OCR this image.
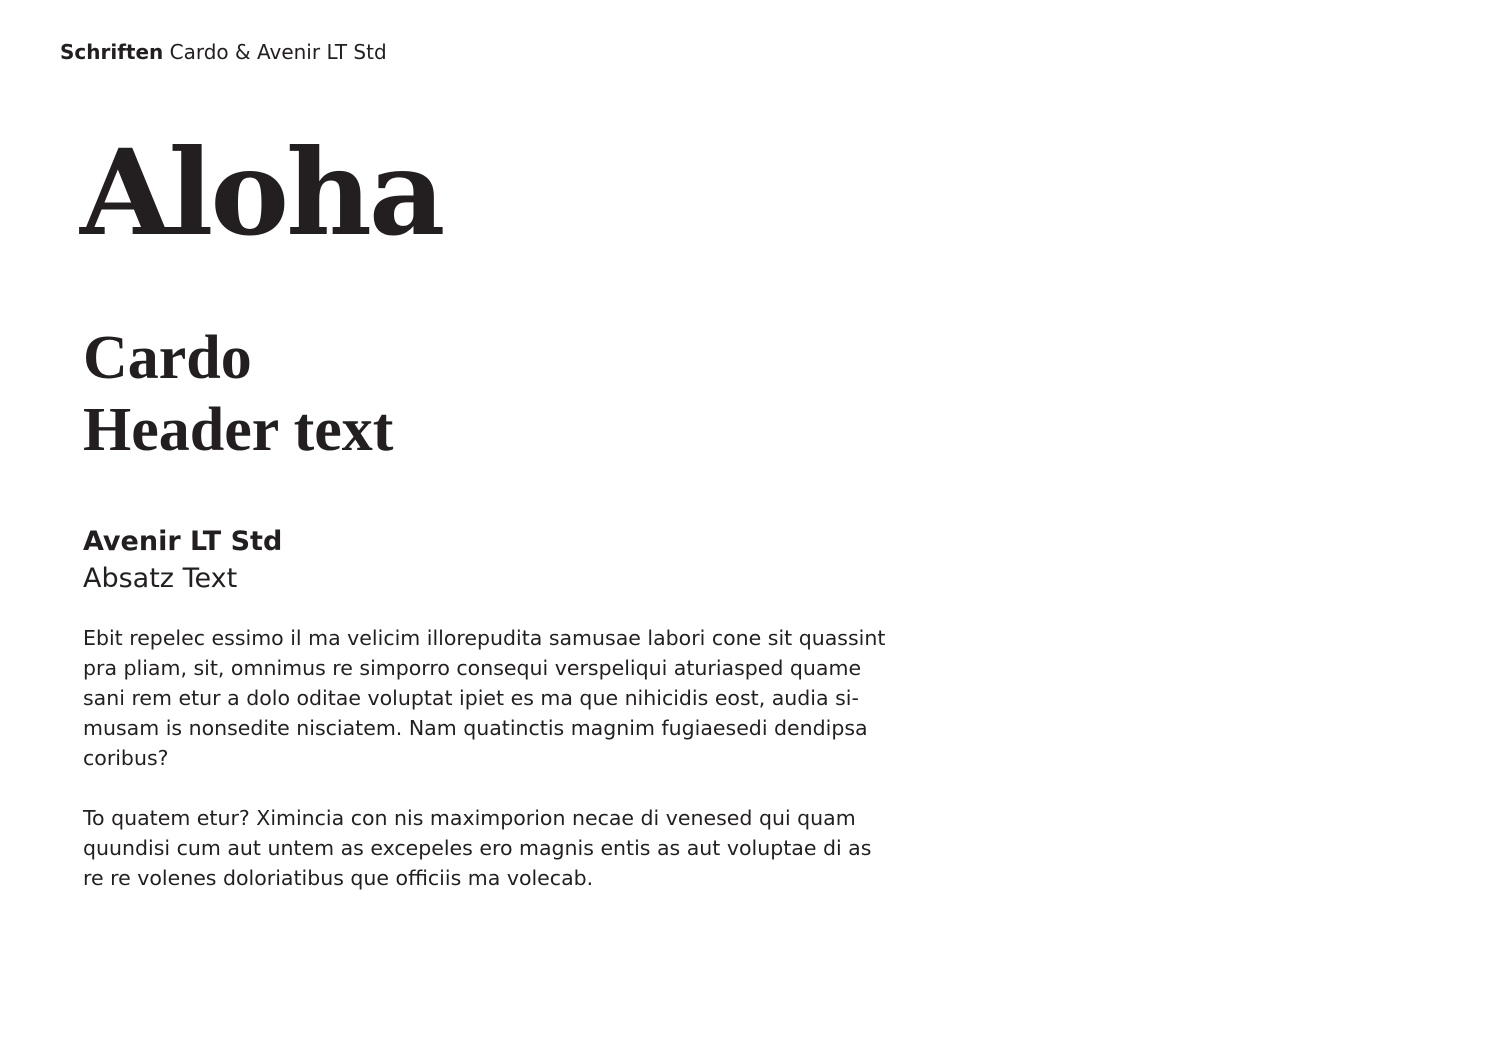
Schriften Cardo & Avenir LT Std
Aloha
Cardo
Header text
Avenir LT Std
Absatz Text
Ebit repelec essimo il ma velicim illorepudita samusae labori cone sit quassint
pra pliam, sit, omnimus re simporro consequi verspeliqui aturiasped quame
sani rem etur a dolo oditae voluptat ipiet es ma que nihicidis eost, audia si-
musam is nonsedite nisciatem. Nam quatinctis magnim fugiaesedi dendipsa
coribus?
To quatem etur? Ximincia con nis maximporion necae di venesed qui quam
quundisi cum aut untem as excepeles ero magnis entis as aut voluptae di as
re re volenes doloriatibus que officiis ma volecab.
